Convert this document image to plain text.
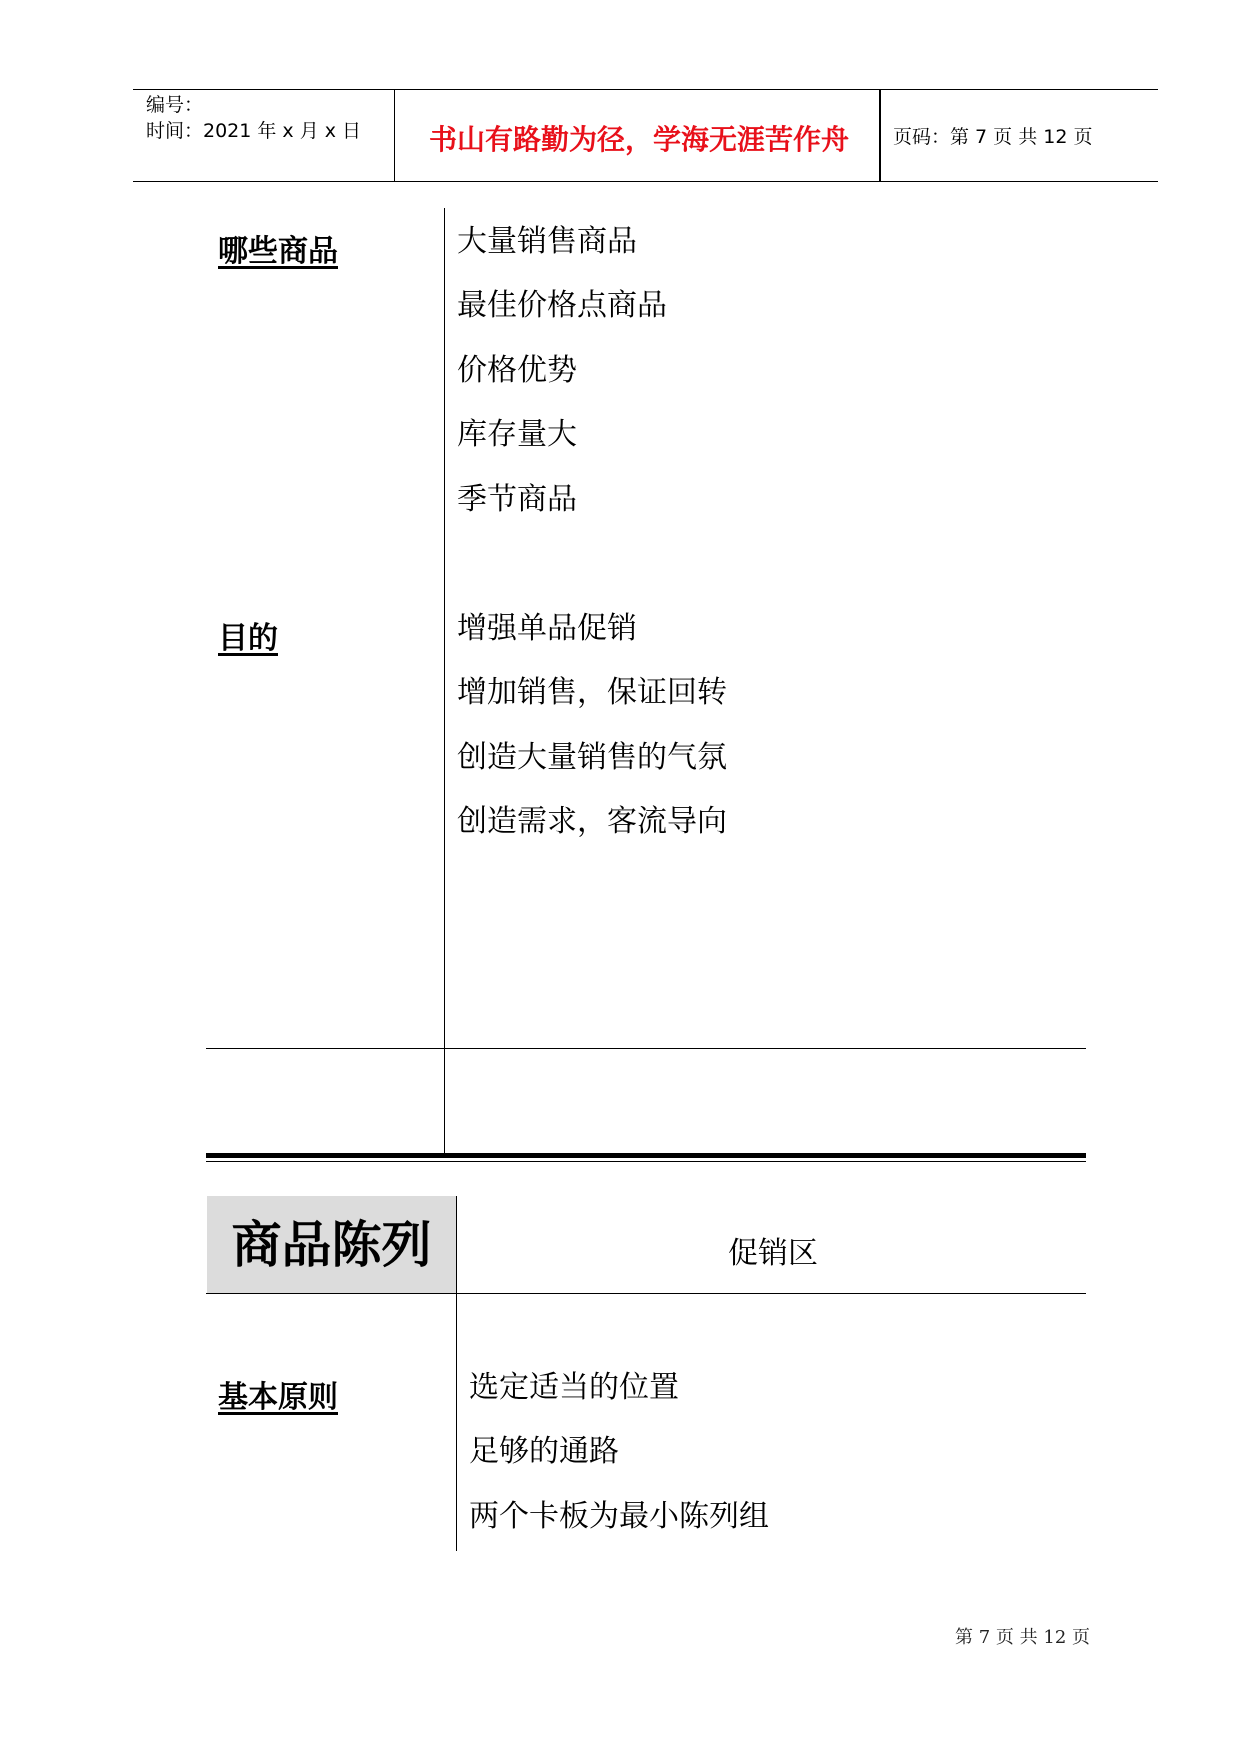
编号：
时间：2021 年 x 月 x 日	书山有路勤为径，学海无涯苦作舟	页码：第 7 页 共 12 页
哪些商品	大量销售商品
最佳价格点商品
价格优势
库存量大
季节商品
目的	增强单品促销
增加销售，保证回转
创造大量销售的气氛
创造需求，客流导向
商品陈列	促销区
基本原则	选定适当的位置
足够的通路
两个卡板为最小陈列组
第 7 页 共 12 页
